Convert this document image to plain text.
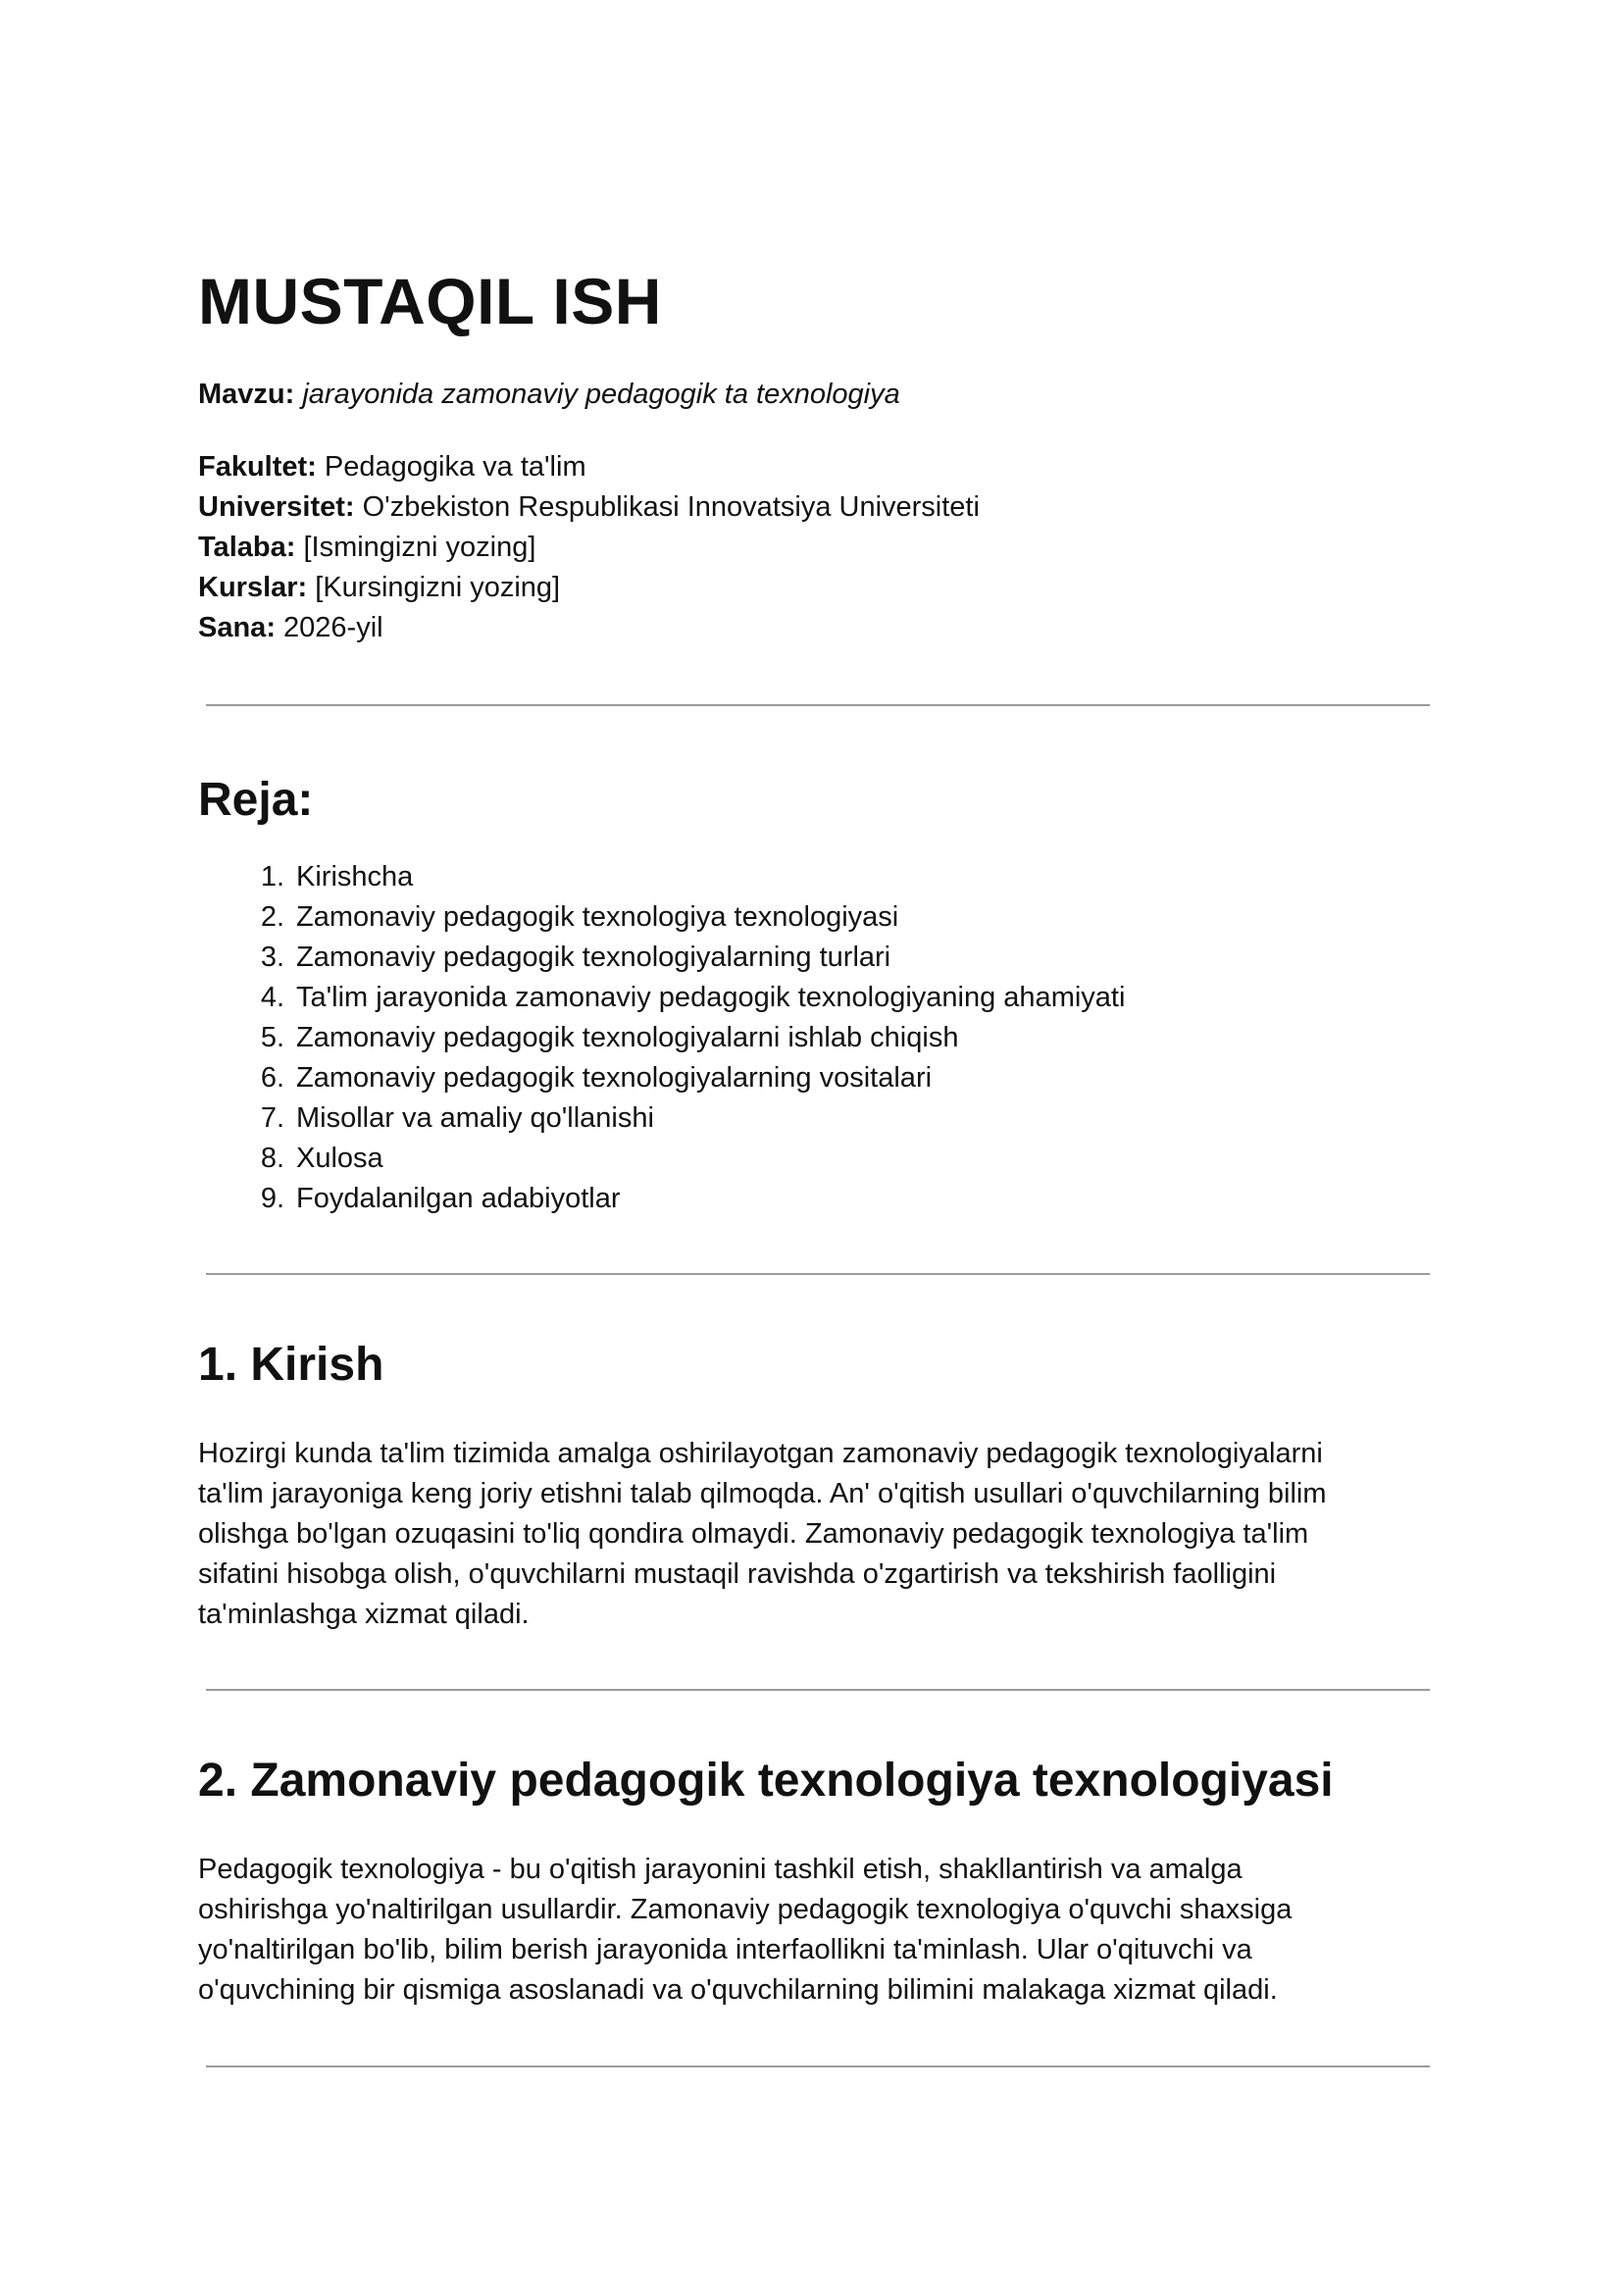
MUSTAQIL ISH
Mavzu: jarayonida zamonaviy pedagogik ta texnologiya
Fakultet: Pedagogika va ta'lim
Universitet: O'zbekiston Respublikasi Innovatsiya Universiteti
Talaba: [Ismingizni yozing]
Kurslar: [Kursingizni yozing]
Sana: 2026-yil
Reja:
1. Kirishcha
2. Zamonaviy pedagogik texnologiya texnologiyasi
3. Zamonaviy pedagogik texnologiyalarning turlari
4. Ta'lim jarayonida zamonaviy pedagogik texnologiyaning ahamiyati
5. Zamonaviy pedagogik texnologiyalarni ishlab chiqish
6. Zamonaviy pedagogik texnologiyalarning vositalari
7. Misollar va amaliy qo'llanishi
8. Xulosa
9. Foydalanilgan adabiyotlar
1. Kirish

Hozirgi kunda ta'lim tizimida amalga oshirilayotgan zamonaviy pedagogik texnologiyalarni
ta'lim jarayoniga keng joriy etishni talab qilmoqda. An' o'qitish usullari o'quvchilarning bilim
olishga bo'lgan ozuqasini to'liq qondira olmaydi. Zamonaviy pedagogik texnologiya ta'lim
sifatini hisobga olish, o'quvchilarni mustaqil ravishda o'zgartirish va tekshirish faolligini
ta'minlashga xizmat qiladi.

2. Zamonaviy pedagogik texnologiya texnologiyasi

Pedagogik texnologiya - bu o'qitish jarayonini tashkil etish, shakllantirish va amalga
oshirishga yo'naltirilgan usullardir. Zamonaviy pedagogik texnologiya o'quvchi shaxsiga
yo'naltirilgan bo'lib, bilim berish jarayonida interfaollikni ta'minlash. Ular o'qituvchi va
o'quvchining bir qismiga asoslanadi va o'quvchilarning bilimini malakaga xizmat qiladi.
